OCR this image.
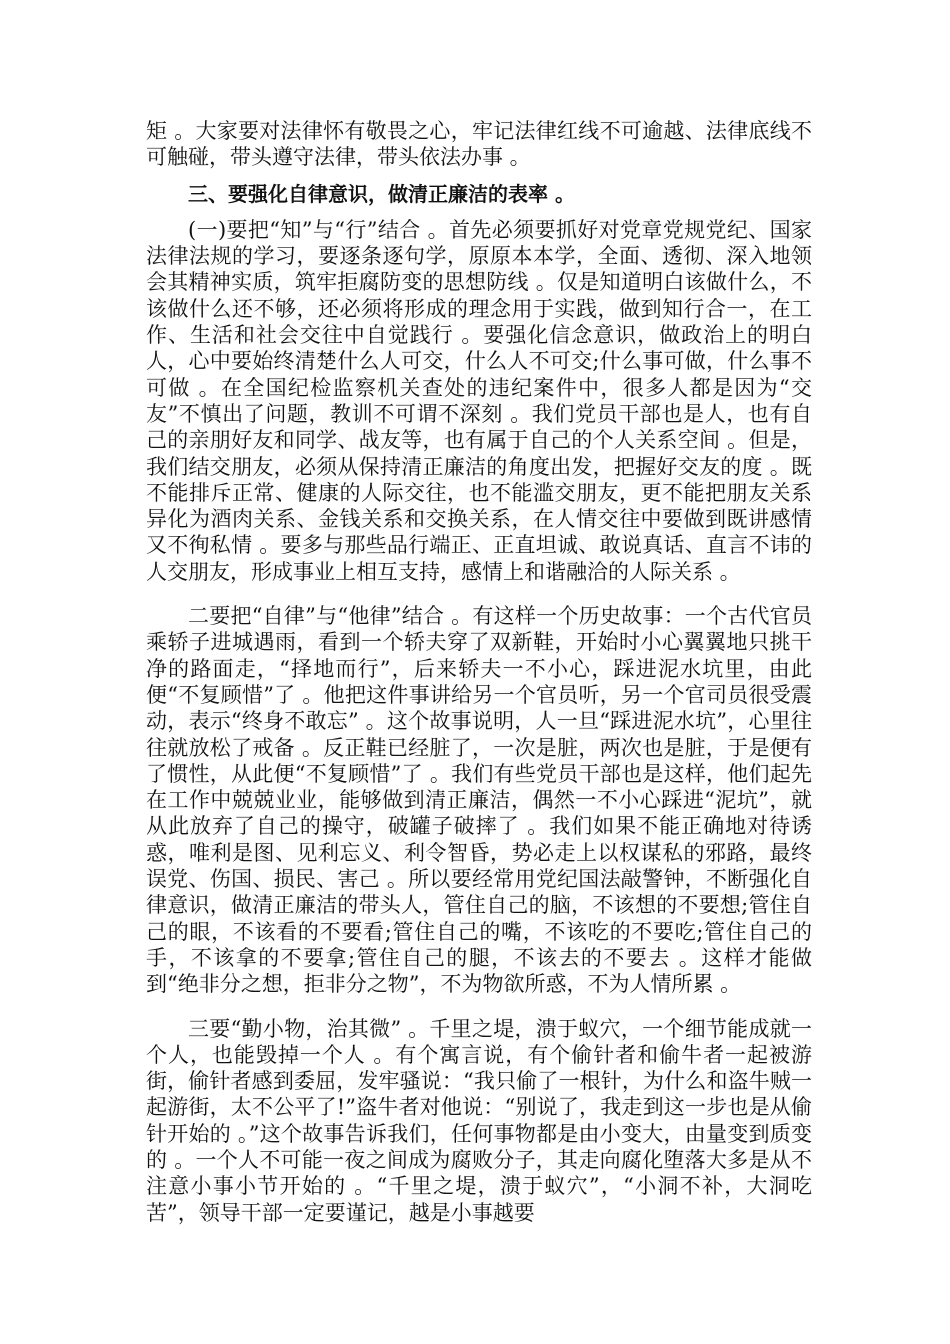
矩 。大家要对法律怀有敬畏之心，牢记法律红线不可逾越、法律底线不可触碰，带头遵守法律，带头依法办事 。

三、要强化自律意识，做清正廉洁的表率 。

(一)要把“知”与“行”结合 。首先必须要抓好对党章党规党纪、国家法律法规的学习，要逐条逐句学，原原本本学，全面、透彻、深入地领会其精神实质，筑牢拒腐防变的思想防线 。仅是知道明白该做什么，不该做什么还不够，还必须将形成的理念用于实践，做到知行合一，在工作、生活和社会交往中自觉践行 。要强化信念意识，做政治上的明白人，心中要始终清楚什么人可交，什么人不可交;什么事可做，什么事不可做 。在全国纪检监察机关查处的违纪案件中，很多人都是因为“交友”不慎出了问题，教训不可谓不深刻 。我们党员干部也是人，也有自己的亲朋好友和同学、战友等，也有属于自己的个人关系空间 。但是，我们结交朋友，必须从保持清正廉洁的角度出发，把握好交友的度 。既不能排斥正常、健康的人际交往，也不能滥交朋友，更不能把朋友关系异化为酒肉关系、金钱关系和交换关系，在人情交往中要做到既讲感情又不徇私情 。要多与那些品行端正、正直坦诚、敢说真话、直言不讳的人交朋友，形成事业上相互支持，感情上和谐融洽的人际关系 。

二要把“自律”与“他律”结合 。有这样一个历史故事：一个古代官员乘轿子进城遇雨，看到一个轿夫穿了双新鞋，开始时小心翼翼地只挑干净的路面走，“择地而行”，后来轿夫一不小心，踩进泥水坑里，由此便“不复顾惜”了 。他把这件事讲给另一个官员听，另一个官司员很受震动，表示“终身不敢忘” 。这个故事说明，人一旦“踩进泥水坑”，心里往往就放松了戒备 。反正鞋已经脏了，一次是脏，两次也是脏，于是便有了惯性，从此便“不复顾惜”了 。我们有些党员干部也是这样，他们起先在工作中兢兢业业，能够做到清正廉洁，偶然一不小心踩进“泥坑”，就从此放弃了自己的操守，破罐子破摔了 。我们如果不能正确地对待诱惑，唯利是图、见利忘义、利令智昏，势必走上以权谋私的邪路，最终误党、伤国、损民、害己 。所以要经常用党纪国法敲警钟，不断强化自律意识，做清正廉洁的带头人，管住自己的脑，不该想的不要想;管住自己的眼，不该看的不要看;管住自己的嘴，不该吃的不要吃;管住自己的手，不该拿的不要拿;管住自己的腿，不该去的不要去 。这样才能做到“绝非分之想，拒非分之物”，不为物欲所惑，不为人情所累 。

三要“勤小物，治其微” 。千里之堤，溃于蚁穴，一个细节能成就一个人，也能毁掉一个人 。有个寓言说，有个偷针者和偷牛者一起被游街，偷针者感到委屈，发牢骚说：“我只偷了一根针，为什么和盗牛贼一起游街，太不公平了!”盗牛者对他说：“别说了，我走到这一步也是从偷针开始的 。”这个故事告诉我们，任何事物都是由小变大，由量变到质变的 。一个人不可能一夜之间成为腐败分子，其走向腐化堕落大多是从不注意小事小节开始的 。“千里之堤，溃于蚁穴”，“小洞不补，大洞吃苦”，领导干部一定要谨记，越是小事越要
